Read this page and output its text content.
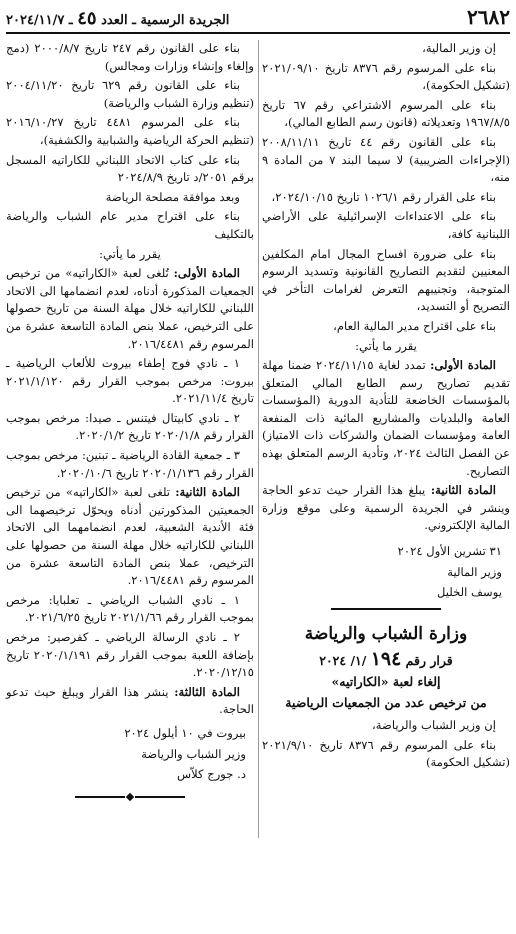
٢٦٨٢
الجريدة الرسمية ـ العدد ٤٥ ـ ٢٠٢٤/١١/٧

إن وزير المالية،

بناء على المرسوم رقم ٨٣٧٦ تاريخ ٢٠٢١/٠٩/١٠ (تشكيل الحكومة)،

بناء على المرسوم الاشتراعي رقم ٦٧ تاريخ ١٩٦٧/٨/٥ وتعديلاته (قانون رسم الطابع المالي)،

بناء على القانون رقم ٤٤ تاريخ ٢٠٠٨/١١/١١ (الإجراءات الضريبية) لا سيما البند ٧ من المادة ٩ منه،

بناء على القرار رقم ١٠٢٦/١ تاريخ ٢٠٢٤/١٠/١٥،

بناء على الاعتداءات الإسرائيلية على الأراضي اللبنانية كافة،

بناء على ضرورة افساح المجال امام المكلفين المعنيين لتقديم التصاريح القانونية وتسديد الرسوم المتوجبة، وتجنيبهم التعرض لغرامات التأخر في التصريح أو التسديد،

بناء على اقتراح مدير المالية العام،

يقرر ما يأتي:

المادة الأولى: تمدد لغاية ٢٠٢٤/١١/١٥ ضمنا مهلة تقديم تصاريح رسم الطابع المالي المتعلق بالمؤسسات الخاضعة للتأدية الدورية (المؤسسات العامة والبلديات والمشاريع المائية ذات المنفعة العامة ومؤسسات الضمان والشركات ذات الامتياز) عن الفصل الثالث ٢٠٢٤، وتأدية الرسم المتعلق بهذه التصاريح.

المادة الثانية: يبلغ هذا القرار حيث تدعو الحاجة وينشر في الجريدة الرسمية وعلى موقع وزارة المالية الإلكتروني.

٣١ تشرين الأول ٢٠٢٤

وزير المالية

يوسف الخليل

وزارة الشباب والرياضة
قرار رقم ١٩٤ /١/ ٢٠٢٤
إلغاء لعبة «الكاراتيه»
من ترخيص عدد من الجمعيات الرياضية

إن وزير الشباب والرياضة،

بناء على المرسوم رقم ٨٣٧٦ تاريخ ٢٠٢١/٩/١٠ (تشكيل الحكومة)

بناء على القانون رقم ٢٤٧ تاريخ ٢٠٠٠/٨/٧ (دمج وإلغاء وإنشاء وزارات ومجالس)

بناء على القانون رقم ٦٢٩ تاريخ ٢٠٠٤/١١/٢٠ (تنظيم وزارة الشباب والرياضة)

بناء على المرسوم ٤٤٨١ تاريخ ٢٠١٦/١٠/٢٧ (تنظيم الحركة الرياضية والشبابية والكشفية)،

بناء على كتاب الاتحاد اللبناني للكاراتيه المسجل برقم ٢٠٥١/د تاريخ ٢٠٢٤/٨/٩

وبعد موافقة مصلحة الرياضة

بناء على اقتراح مدير عام الشباب والرياضة بالتكليف

يقرر ما يأتي:

المادة الأولى: تُلغى لعبة «الكاراتيه» من ترخيص الجمعيات المذكورة أدناه، لعدم انضمامها الى الاتحاد اللبناني للكاراتيه خلال مهلة السنة من تاريخ حصولها على الترخيص، عملا بنص المادة التاسعة عشرة من المرسوم رقم ٢٠١٦/٤٤٨١.

١ ـ نادي فوج إطفاء بيروت للألعاب الرياضية ـ بيروت: مرخص بموجب القرار رقم ٢٠٢١/١/١٢٠ تاريخ ٢٠٢١/١١/٤.

٢ ـ نادي كابيتال فيتنس ـ صيدا: مرخص بموجب القرار رقم ٢٠٢٠/١/٨ تاريخ ٢٠٢٠/١/٢.

٣ ـ جمعية القادة الرياضية ـ تبنين: مرخص بموجب القرار رقم ٢٠٢٠/١/١٣٦ تاريخ ٢٠٢٠/١٠/٦.

المادة الثانية: تلغى لعبة «الكاراتيه» من ترخيص الجمعيتين المذكورتين أدناه ويحوّل ترخيصهما الى فئة الأندية الشعبية، لعدم انضمامهما الى الاتحاد اللبناني للكاراتيه خلال مهلة السنة من حصولها على الترخيص، عملا بنص المادة التاسعة عشرة من المرسوم رقم ٢٠١٦/٤٤٨١.

١ ـ نادي الشباب الرياضي ـ تعلبايا: مرخص بموجب القرار رقم ٢٠٢١/١/٦٦ تاريخ ٢٠٢١/٦/٢٥.

٢ ـ نادي الرسالة الرياضي ـ كفرصير: مرخص بإضافة اللعبة بموجب القرار رقم ٢٠٢٠/١/١٩١ تاريخ ٢٠٢٠/١٢/١٥.

المادة الثالثة: ينشر هذا القرار ويبلغ حيث تدعو الحاجة.

بيروت في ١٠ أيلول ٢٠٢٤

وزير الشباب والرياضة

د. جورج كلاّس
